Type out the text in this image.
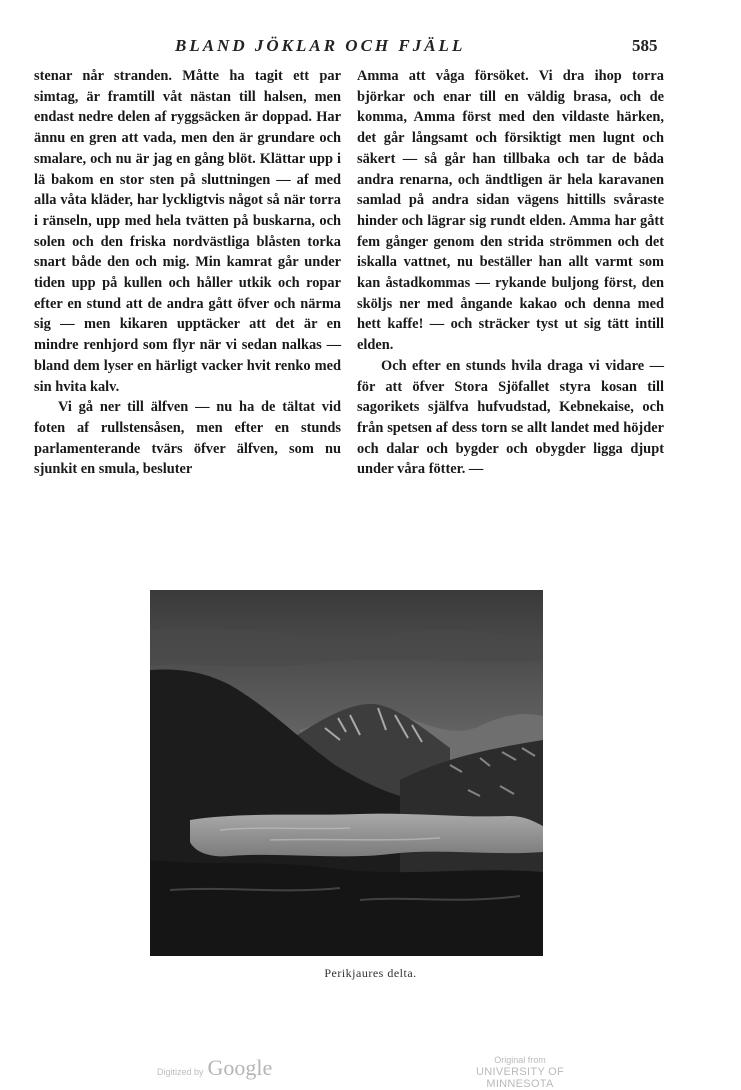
BLAND JÖKLAR OCH FJÄLL	585

stenar når stranden. Måtte ha tagit ett par simtag, är framtill våt nästan till halsen, men endast nedre delen af ryggsäcken är doppad. Har ännu en gren att vada, men den är grundare och smalare, och nu är jag en gång blöt. Klättar upp i lä bakom en stor sten på sluttningen — af med alla våta kläder, har lyckligtvis något så när torra i ränseln, upp med hela tvätten på buskarna, och solen och den friska nordvästliga blåsten torka snart både den och mig. Min kamrat går under tiden upp på kullen och håller utkik och ropar efter en stund att de andra gått öfver och närma sig — men kikaren upptäcker att det är en mindre renhjord som flyr när vi sedan nalkas — bland dem lyser en härligt vacker hvit renko med sin hvita kalv.

Vi gå ner till älfven — nu ha de tältat vid foten af rullstensåsen, men efter en stunds parlamenterande tvärs öfver älfven, som nu sjunkit en smula, besluter

Amma att våga försöket. Vi dra ihop torra björkar och enar till en väldig brasa, och de komma, Amma först med den vildaste härken, det går långsamt och försiktigt men lugnt och säkert — så går han tillbaka och tar de båda andra renarna, och ändtligen är hela karavanen samlad på andra sidan vägens hittills svåraste hinder och lägrar sig rundt elden. Amma har gått fem gånger genom den strida strömmen och det iskalla vattnet, nu beställer han allt varmt som kan åstadkommas — rykande buljong först, den sköljs ner med ångande kakao och denna med hett kaffe! — och sträcker tyst ut sig tätt intill elden.

Och efter en stunds hvila draga vi vidare — för att öfver Stora Sjöfallet styra kosan till sagorikets själfva hufvudstad, Kebnekaise, och från spetsen af dess torn se allt landet med höjder och dalar och bygder och obygder ligga djupt under våra fötter. —

Perikjaures delta.
Digitized by Google	Original from
UNIVERSITY OF MINNESOTA
